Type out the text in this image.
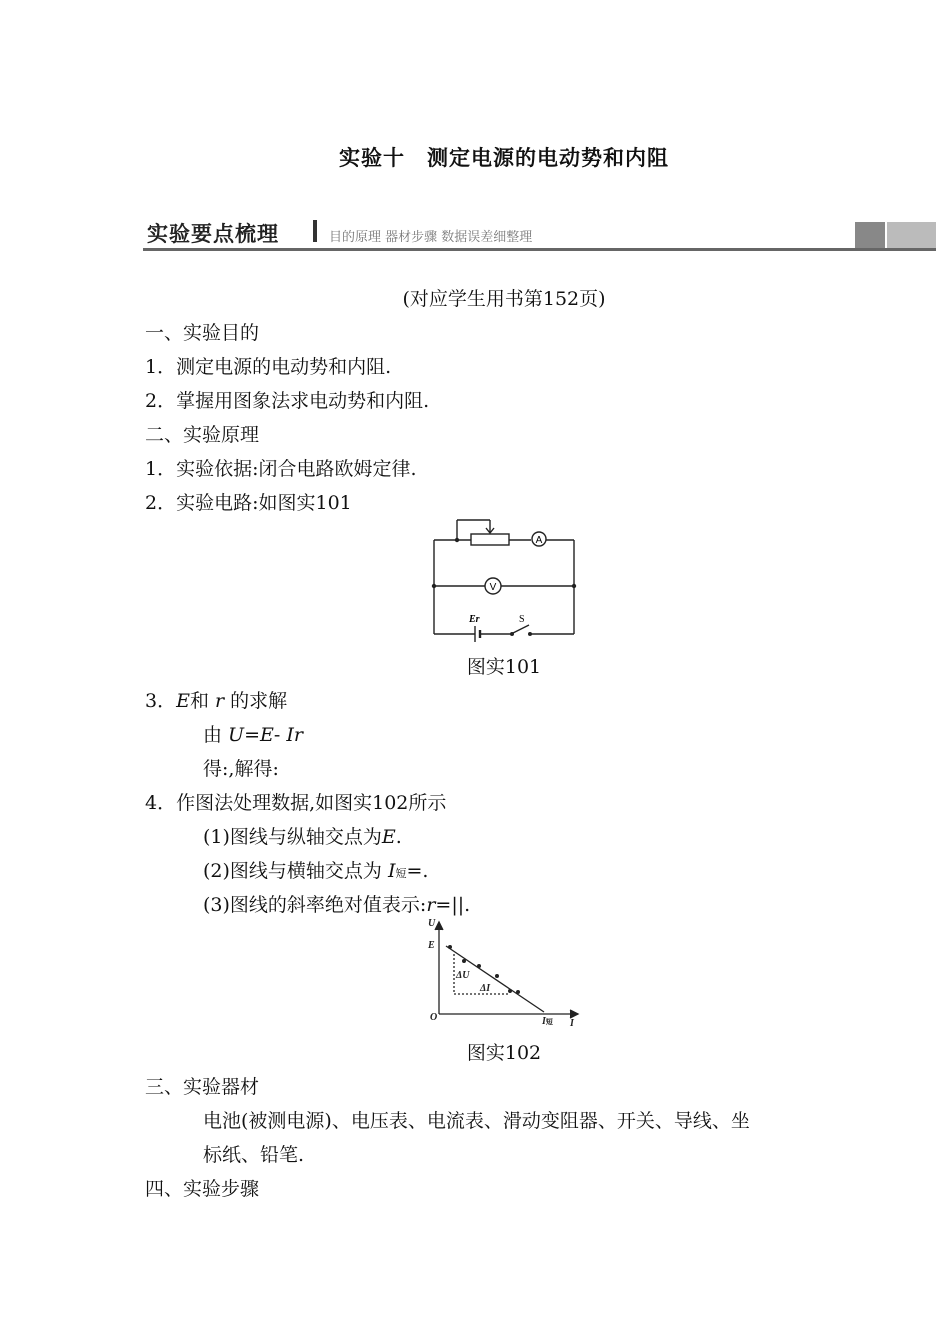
实验十　测定电源的电动势和内阻
实验要点梳理	目的原理 器材步骤 数据误差细整理
(对应学生用书第152页)
一、实验目的
1．测定电源的电动势和内阻.
2．掌握用图象法求电动势和内阻.
二、实验原理
1．实验依据:闭合电路欧姆定律.
2．实验电路:如图实101
A
V
Er	S
图实101
3．E和 r 的求解
由 U=E- Ir
得:,解得:
4．作图法处理数据,如图实102所示
(1)图线与纵轴交点为E.
(2)图线与横轴交点为 I短=.
(3)图线的斜率绝对值表示:r=||.
U
E
ΔU
ΔI
O	I短 I
图实102
三、实验器材
电池(被测电源)、电压表、电流表、滑动变阻器、开关、导线、坐
标纸、铅笔.
四、实验步骤
